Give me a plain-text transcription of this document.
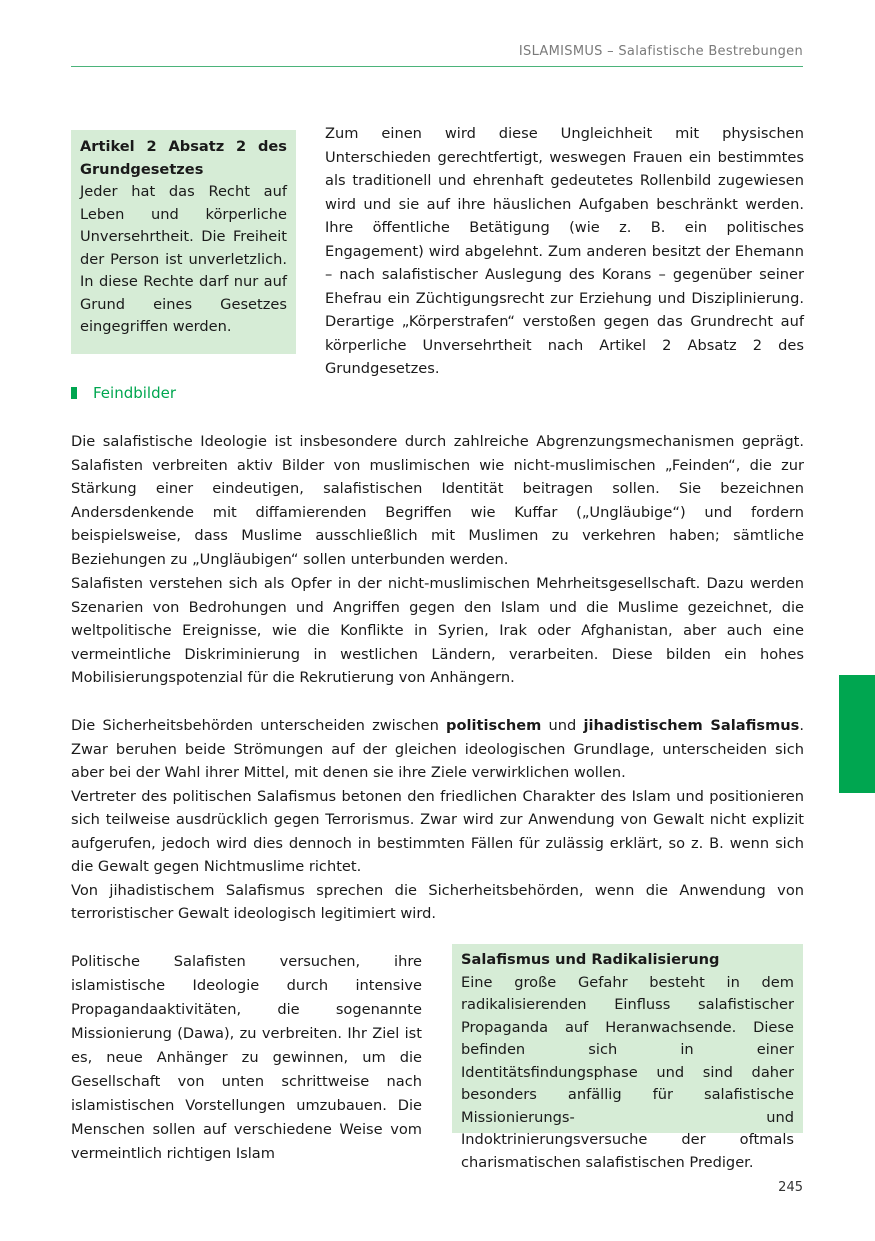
ISLAMISMUS – Salafistische Bestrebungen

Artikel 2 Absatz 2 des Grundgesetzes

Jeder hat das Recht auf Leben und körperliche Unversehrtheit. Die Freiheit der Person ist unverletzlich. In diese Rechte darf nur auf Grund eines Gesetzes eingegriffen werden.

Zum einen wird diese Ungleichheit mit physischen Unterschieden gerechtfertigt, weswegen Frauen ein bestimmtes als traditionell und ehrenhaft gedeutetes Rollenbild zugewiesen wird und sie auf ihre häuslichen Aufgaben beschränkt werden. Ihre öffentliche Betätigung (wie z. B. ein politisches Engagement) wird abgelehnt. Zum anderen besitzt der Ehemann – nach salafistischer Auslegung des Korans – gegenüber seiner Ehefrau ein Züchtigungsrecht zur Erziehung und Disziplinierung. Derartige „Körperstrafen“ verstoßen gegen das Grundrecht auf körperliche Unversehrtheit nach Artikel 2 Absatz 2 des Grundgesetzes.

Feindbilder

Die salafistische Ideologie ist insbesondere durch zahlreiche Abgrenzungsmechanismen geprägt. Salafisten verbreiten aktiv Bilder von muslimischen wie nicht-muslimischen „Feinden“, die zur Stärkung einer eindeutigen, salafistischen Identität beitragen sollen. Sie bezeichnen Andersdenkende mit diffamierenden Begriffen wie Kuffar („Ungläubige“) und fordern beispielsweise, dass Muslime ausschließlich mit Muslimen zu verkehren haben; sämtliche Beziehungen zu „Ungläubigen“ sollen unterbunden werden.

Salafisten verstehen sich als Opfer in der nicht-muslimischen Mehrheitsgesellschaft. Dazu werden Szenarien von Bedrohungen und Angriffen gegen den Islam und die Muslime gezeichnet, die weltpolitische Ereignisse, wie die Konflikte in Syrien, Irak oder Afghanistan, aber auch eine vermeintliche Diskriminierung in westlichen Ländern, verarbeiten. Diese bilden ein hohes Mobilisierungspotenzial für die Rekrutierung von Anhängern.

Die Sicherheitsbehörden unterscheiden zwischen politischem und jihadistischem Salafismus. Zwar beruhen beide Strömungen auf der gleichen ideologischen Grundlage, unterscheiden sich aber bei der Wahl ihrer Mittel, mit denen sie ihre Ziele verwirklichen wollen.

Vertreter des politischen Salafismus betonen den friedlichen Charakter des Islam und positionieren sich teilweise ausdrücklich gegen Terrorismus. Zwar wird zur Anwendung von Gewalt nicht explizit aufgerufen, jedoch wird dies dennoch in bestimmten Fällen für zulässig erklärt, so z. B. wenn sich die Gewalt gegen Nichtmuslime richtet.

Von jihadistischem Salafismus sprechen die Sicherheitsbehörden, wenn die Anwendung von terroristischer Gewalt ideologisch legitimiert wird.

Politische Salafisten versuchen, ihre islamistische Ideologie durch intensive Propagandaaktivitäten, die sogenannte Missionierung (Dawa), zu verbreiten. Ihr Ziel ist es, neue Anhänger zu gewinnen, um die Gesellschaft von unten schrittweise nach islamistischen Vorstellungen umzubauen. Die Menschen sollen auf verschiedene Weise vom vermeintlich richtigen Islam

Salafismus und Radikalisierung

Eine große Gefahr besteht in dem radikalisierenden Einfluss salafistischer Propaganda auf Heranwachsende. Diese befinden sich in einer Identitätsfindungsphase und sind daher besonders anfällig für salafistische Missionierungs- und Indoktrinierungsversuche der oftmals charismatischen salafistischen Prediger.

245
